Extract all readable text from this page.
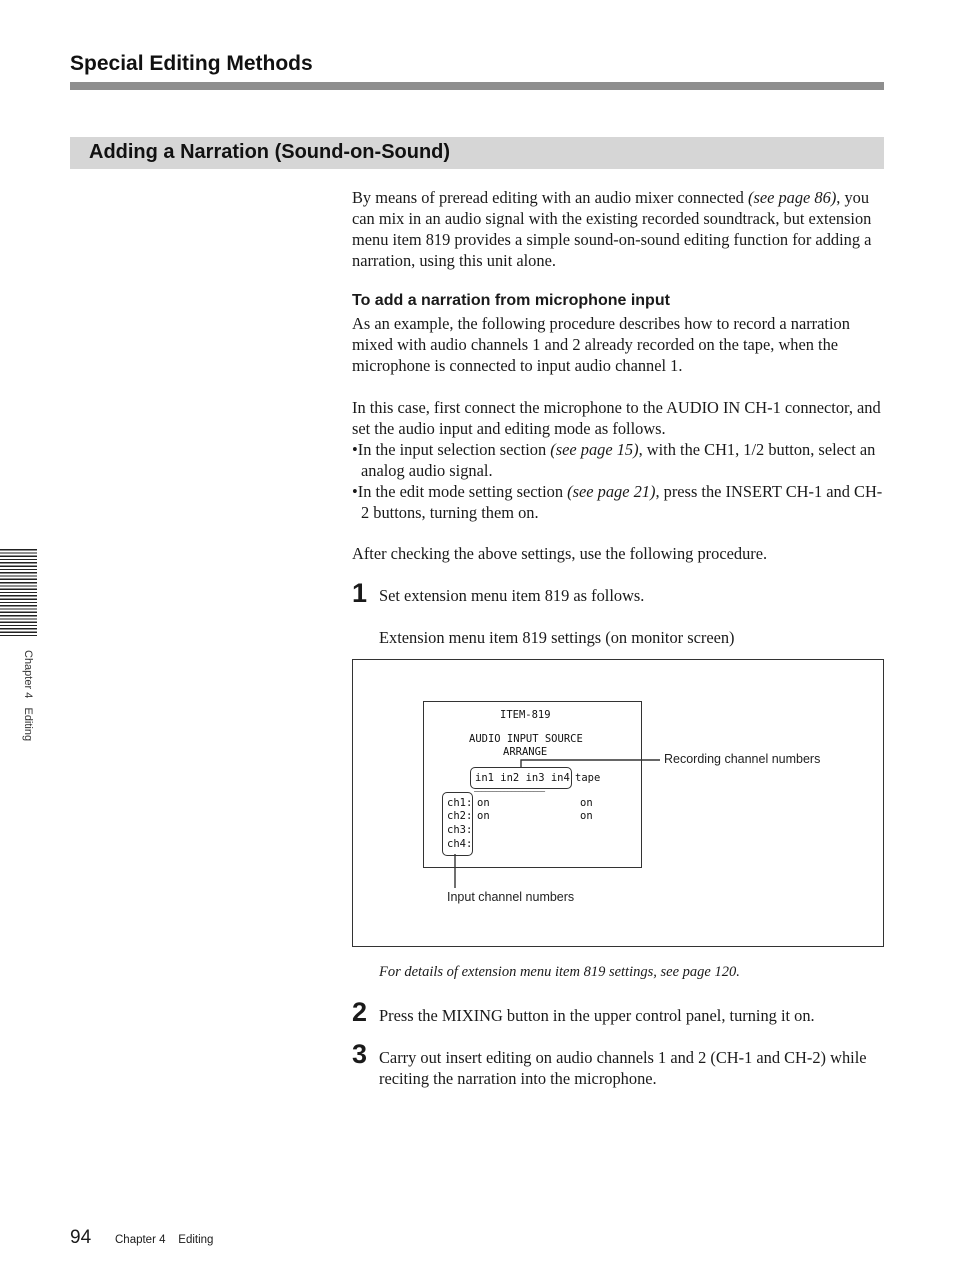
Special Editing Methods
Adding a Narration (Sound-on-Sound)

By means of preread editing with an audio mixer connected (see page 86), you can mix in an audio signal with the existing recorded soundtrack, but extension menu item 819 provides a simple sound-on-sound editing function for adding a narration, using this unit alone.

To add a narration from microphone input

As an example, the following procedure describes how to record a narration mixed with audio channels 1 and 2 already recorded on the tape, when the microphone is connected to input audio channel 1.

In this case, first connect the microphone to the AUDIO IN CH-1 connector, and set the audio input and editing mode as follows.

•In the input selection section (see page 15), with the CH1, 1/2 button, select an analog audio signal.

•In the edit mode setting section (see page 21), press the INSERT CH-1 and CH-2 buttons, turning them on.

After checking the above settings, use the following procedure.

1 Set extension menu item 819 as follows.
Extension menu item 819 settings (on monitor screen)
ITEM-819
AUDIO INPUT SOURCE
ARRANGE
in1 in2 in3 in4 tape
———————————————————
ch1: on	on
ch2: on	on
ch3:
ch4:
Recording channel numbers
Input channel numbers
For details of extension menu item 819 settings, see page 120.
2 Press the MIXING button in the upper control panel, turning it on.
3 Carry out insert editing on audio channels 1 and 2 (CH-1 and CH-2) while reciting the narration into the microphone.
Chapter 4   Editing
94 Chapter 4    Editing
